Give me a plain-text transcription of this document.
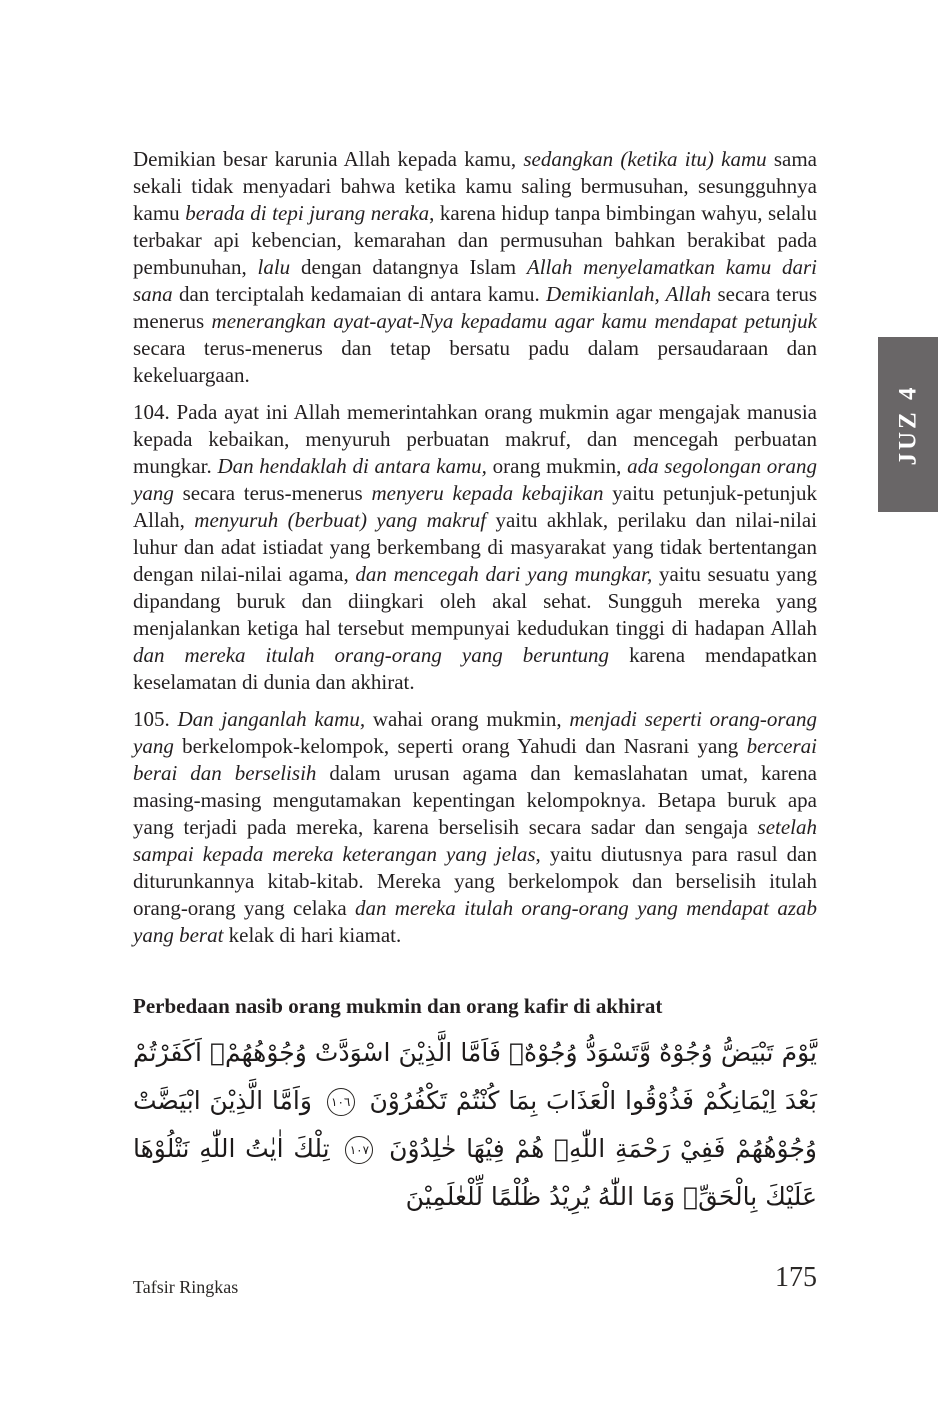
Demikian besar karunia Allah kepada kamu, sedangkan (ketika itu) kamu sama sekali tidak menyadari bahwa ketika kamu saling bermusuhan, sesungguhnya kamu berada di tepi jurang neraka, karena hidup tanpa bimbingan wahyu, selalu terbakar api kebencian, kemarahan dan permusuhan bahkan berakibat pada pembunuhan, lalu dengan datangnya Islam Allah menyelamatkan kamu dari sana dan terciptalah kedamaian di antara kamu. Demikianlah, Allah secara terus menerus menerangkan ayat-ayat-Nya kepadamu agar kamu mendapat petunjuk secara terus-menerus dan tetap bersatu padu dalam persaudaraan dan kekeluargaan.

104. Pada ayat ini Allah memerintahkan orang mukmin agar mengajak manusia kepada kebaikan, menyuruh perbuatan makruf, dan mencegah perbuatan mungkar. Dan hendaklah di antara kamu, orang mukmin, ada segolongan orang yang secara terus-menerus menyeru kepada kebajikan yaitu petunjuk-petunjuk Allah, menyuruh (berbuat) yang makruf yaitu akhlak, perilaku dan nilai-nilai luhur dan adat istiadat yang berkembang di masyarakat yang tidak bertentangan dengan nilai-nilai agama, dan mencegah dari yang mungkar, yaitu sesuatu yang dipandang buruk dan diingkari oleh akal sehat. Sungguh mereka yang menjalankan ketiga hal tersebut mempunyai kedudukan tinggi di hadapan Allah dan mereka itulah orang-orang yang beruntung karena mendapatkan keselamatan di dunia dan akhirat.

105. Dan janganlah kamu, wahai orang mukmin, menjadi seperti orang-orang yang berkelompok-kelompok, seperti orang Yahudi dan Nasrani yang bercerai berai dan berselisih dalam urusan agama dan kemaslahatan umat, karena masing-masing mengutamakan kepentingan kelompoknya. Betapa buruk apa yang terjadi pada mereka, karena berselisih secara sadar dan sengaja setelah sampai kepada mereka keterangan yang jelas, yaitu diutusnya para rasul dan diturunkannya kitab-kitab. Mereka yang berkelompok dan berselisih itulah orang-orang yang celaka dan mereka itulah orang-orang yang mendapat azab yang berat kelak di hari kiamat.

Perbedaan nasib orang mukmin dan orang kafir di akhirat
يَّوْمَ تَبْيَضُّ وُجُوْهٌ وَّتَسْوَدُّ وُجُوْهٌۚ فَاَمَّا الَّذِيْنَ اسْوَدَّتْ وُجُوْهُهُمْۗ اَكَفَرْتُمْ بَعْدَ اِيْمَانِكُمْ فَذُوْقُوا الْعَذَابَ بِمَا كُنْتُمْ تَكْفُرُوْنَ ١٠٦ وَاَمَّا الَّذِيْنَ ابْيَضَّتْ وُجُوْهُهُمْ فَفِيْ رَحْمَةِ اللّٰهِۗ هُمْ فِيْهَا خٰلِدُوْنَ ١٠٧ تِلْكَ اٰيٰتُ اللّٰهِ نَتْلُوْهَا عَلَيْكَ بِالْحَقِّۗ وَمَا اللّٰهُ يُرِيْدُ ظُلْمًا لِّلْعٰلَمِيْنَ
JUZ 4
Tafsir Ringkas	175
